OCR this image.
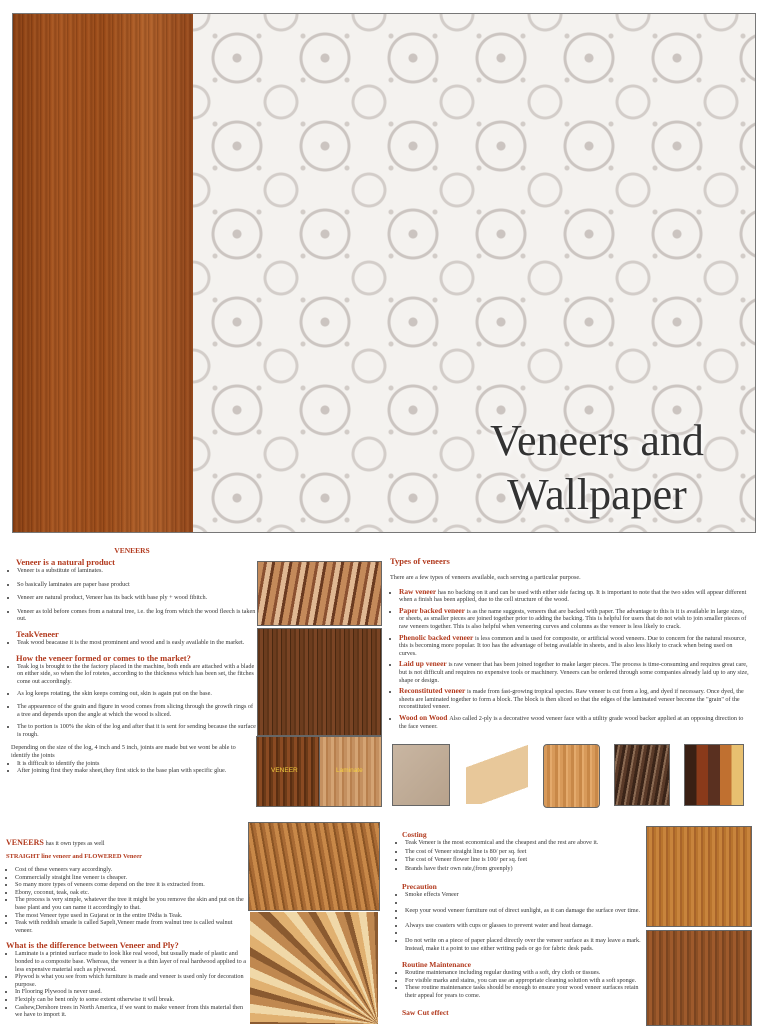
Veneers and Wallpaper
VENEERS
Veneer is a natural product
• Veneer is a substitute of laminates.
• So basically laminates are paper base product
• Veneer are natural product, Veneer has its back with base ply + wood fibitch.
• Veneer as told before comes from a natural tree, i.e. the log from which the wood fleech is taken out.
TeakVeneer
• Teak wood beacause it is the most prominent and wood and is easly available in the market.
How the veneer formed or comes to the market?
• Teak log is brought to the the factory placed in the machine, both ends are attached with a blade on either side, so when the lof rotetes, according to the thickness which has been set, the fitches come out accordingly.
• As log keeps rotating, the skin keeps coming out, skin is again put on the base.
• The appearence of the grain and figure in wood comes from slicing through the growth rings of a tree and depends upon the angle at which the wood is sliced.
• The to portion is 100% the skin of the log and after that it is sent for sending because the surface is rough.
Depending on the size of the log, 4 inch and 5 inch, joints are made but we wont be able to identify the joints
• It is difficult to identify the joints
• After joining first they make sheet,they first stick to the base plan with specific glue.	VENEER	Laminate
Types of veneers
There are a few types of veneers available, each serving a particular purpose.
• Raw veneer has no backing on it and can be used with either side facing up. It is important to note that the two sides will appear different when a finish has been applied, due to the cell structure of the wood.
• Paper backed veneer is as the name suggests, veneers that are backed with paper. The advantage to this is it is available in large sizes, or sheets, as smaller pieces are joined together prior to adding the backing. This is helpful for users that do not wish to join smaller pieces of raw veneers together. This is also helpful when veneering curves and columns as the veneer is less likely to crack.
• Phenolic backed veneer is less common and is used for composite, or artificial wood veneers. Due to concern for the natural resource, this is becoming more popular. It too has the advantage of being available in sheets, and is also less likely to crack when being used on curves.
• Laid up veneer is raw veneer that has been joined together to make larger pieces. The process is time-consuming and requires great care, but is not difficult and requires no expensive tools or machinery. Veneers can be ordered through some companies already laid up to any size, shape or design.
• Reconstituted veneer is made from fast-growing tropical species. Raw veneer is cut from a log, and dyed if necessary. Once dyed, the sheets are laminated together to form a block. The block is then sliced so that the edges of the laminated veneer become the "grain" of the reconstituted veneer.
• Wood on Wood Also called 2-ply is a decorative wood veneer face with a utility grade wood backer applied at an opposing direction to the face veneer.
VENEERS has it own types as well
STRAIGHT line veneer and FLOWERED Veneer
• Cost of these veneers vary accordingly.
• Commercially straight line veneer is cheaper.
• So many more types of veneers come depend on the tree it is extracted from.
• Ebony, coconut, teak, oak etc.
• The process is very simple, whatever the tree it might be you remove the skin and put on the base plant and you can name it accordingly to that.
• The most Veneer type used in Gujarat or in the entire INdia is Teak.
• Teak with reddish smade is called Sapeli,Veneer made from walnut tree is called walnut veneer.
What is the difference between Veneer and Ply?
• Laminate is a printed surface made to look like real wood, but usually made of plastic and bonded to a composite base. Whereas, the veneer is a thin layer of real hardwood applied to a less expensive material such as plywood.
• Plywod is what you see from which furniture is made and veneer is used only for decoration purpose.
• In Flooring Plywood is never used.
• Flexiply can be bent only to some extent otherwise it will break.
• Cashew,Dershore trees in North America, if we want to make veneer from this material then we have to import it.
Costing
• Teak Veneer is the most economical and the cheapest and the rest are above it.
• The cost of Veneer straight line is 80/ per sq. feet
• The cost of Veneer flower line is 100/ per sq. feet
• Brands have their own rate,(from greenply)
Precaution
• Smoke effects Veneer
•
• Keep your wood veneer furniture out of direct sunlight, as it can damage the surface over time.
•
• Always use coasters with cups or glasses to prevent water and heat damage.
•
• Do not write on a piece of paper placed directly over the veneer surface as it may leave a mark. Instead, make it a point to use either writing pads or go for fabric desk pads.
Routine Maintenance
• Routine maintenance including regular dusting with a soft, dry cloth or tissues.
• For visible marks and stains, you can use an appropriate cleaning solution with a soft sponge.
• These routine maintenance tasks should be enough to ensure your wood veneer surfaces retain their appeal for years to come.
Saw Cut effect
